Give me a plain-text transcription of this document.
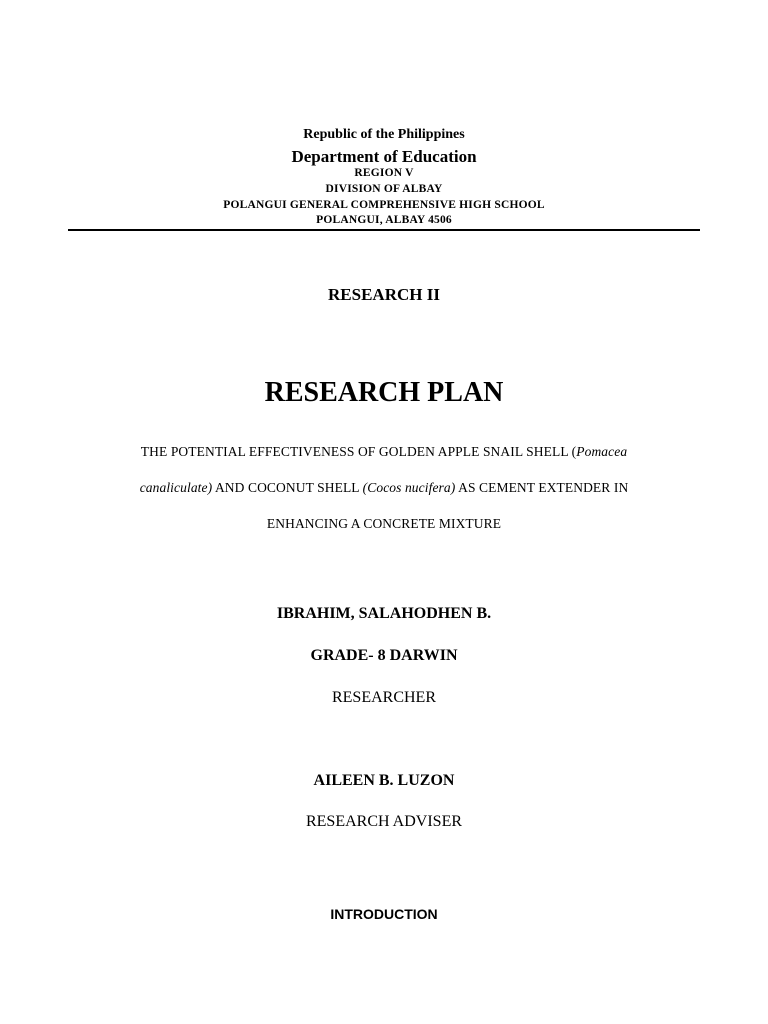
Republic of the Philippines
Department of Education
REGION V
DIVISION OF ALBAY
POLANGUI GENERAL COMPREHENSIVE HIGH SCHOOL
POLANGUI, ALBAY 4506
RESEARCH II
RESEARCH PLAN
THE POTENTIAL EFFECTIVENESS OF GOLDEN APPLE SNAIL SHELL (Pomacea
canaliculate) AND COCONUT SHELL (Cocos nucifera) AS CEMENT EXTENDER IN
ENHANCING A CONCRETE MIXTURE
IBRAHIM, SALAHODHEN B.
GRADE- 8 DARWIN
RESEARCHER
AILEEN B. LUZON
RESEARCH ADVISER
INTRODUCTION
